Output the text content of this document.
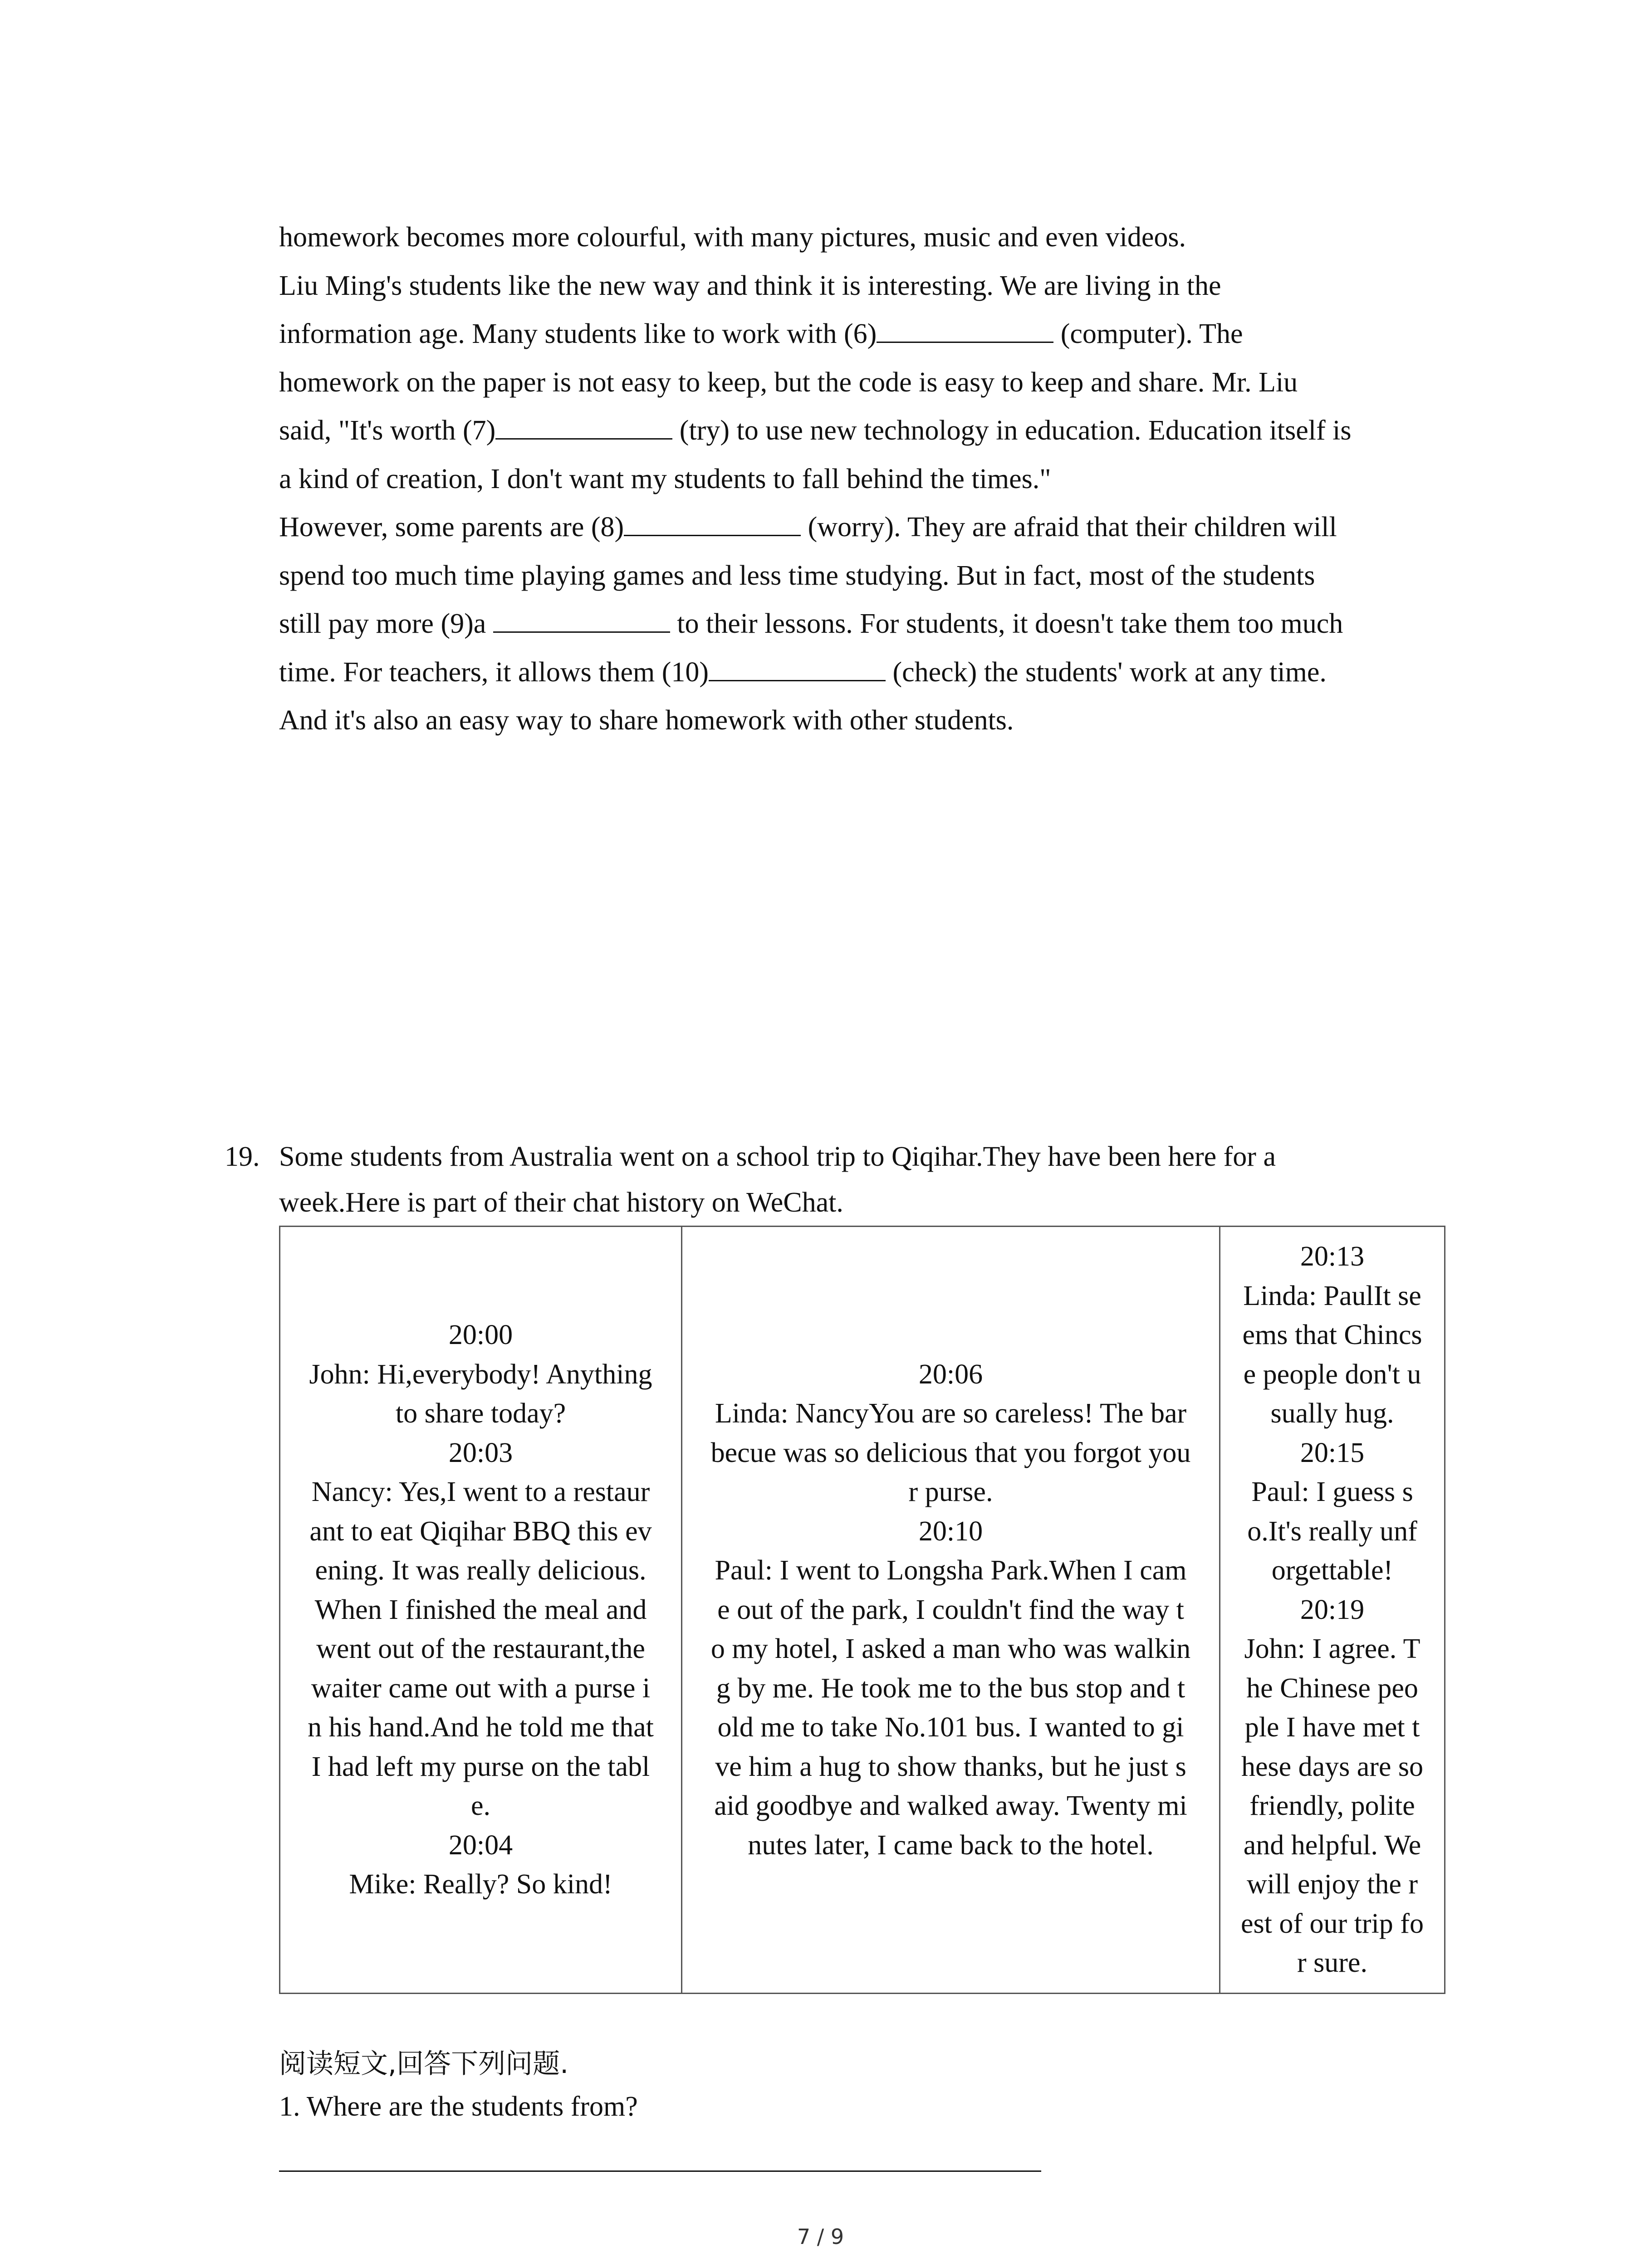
homework becomes more colourful, with many pictures, music and even videos.
Liu Ming's students like the new way and think it is interesting. We are living in the
information age. Many students like to work with (6)	(computer). The
homework on the paper is not easy to keep, but the code is easy to keep and share. Mr. Liu
said, "It's worth (7)	(try) to use new technology in education. Education itself is
a kind of creation, I don't want my students to fall behind the times."
However, some parents are (8)	(worry). They are afraid that their children will
spend too much time playing games and less time studying. But in fact, most of the students
still pay more (9)a	to their lessons. For students, it doesn't take them too much
time. For teachers, it allows them (10)	(check) the students' work at any time.
And it's also an easy way to share homework with other students.
19. Some students from Australia went on a school trip to Qiqihar.They have been here for a
week.Here is part of their chat history on WeChat.
20:00
John: Hi,everybody! Anything
to share today?
20:03
Nancy: Yes,I went to a restaur
ant to eat Qiqihar BBQ this ev
ening. It was really delicious.
When I finished the meal and
went out of the restaurant,the
waiter came out with a purse i
n his hand.And he told me that
I had left my purse on the tabl
e.
20:04
Mike: Really? So kind!

20:06
Linda: NancyYou are so careless! The bar
becue was so delicious that you forgot you
r purse.
20:10
Paul: I went to Longsha Park.When I cam
e out of the park, I couldn't find the way t
o my hotel, I asked a man who was walkin
g by me. He took me to the bus stop and t
old me to take No.101 bus. I wanted to gi
ve him a hug to show thanks, but he just s
aid goodbye and walked away. Twenty mi
nutes later, I came back to the hotel.

20:13
Linda: PaulIt se
ems that Chincs
e people don't u
sually hug.
20:15
Paul: I guess s
o.It's really unf
orgettable!
20:19
John: I agree. T
he Chinese peo
ple I have met t
hese days are so
friendly, polite
and helpful. We
will enjoy the r
est of our trip fo
r sure.
阅读短文,回答下列问题.
1. Where are the students from?
7 / 9
